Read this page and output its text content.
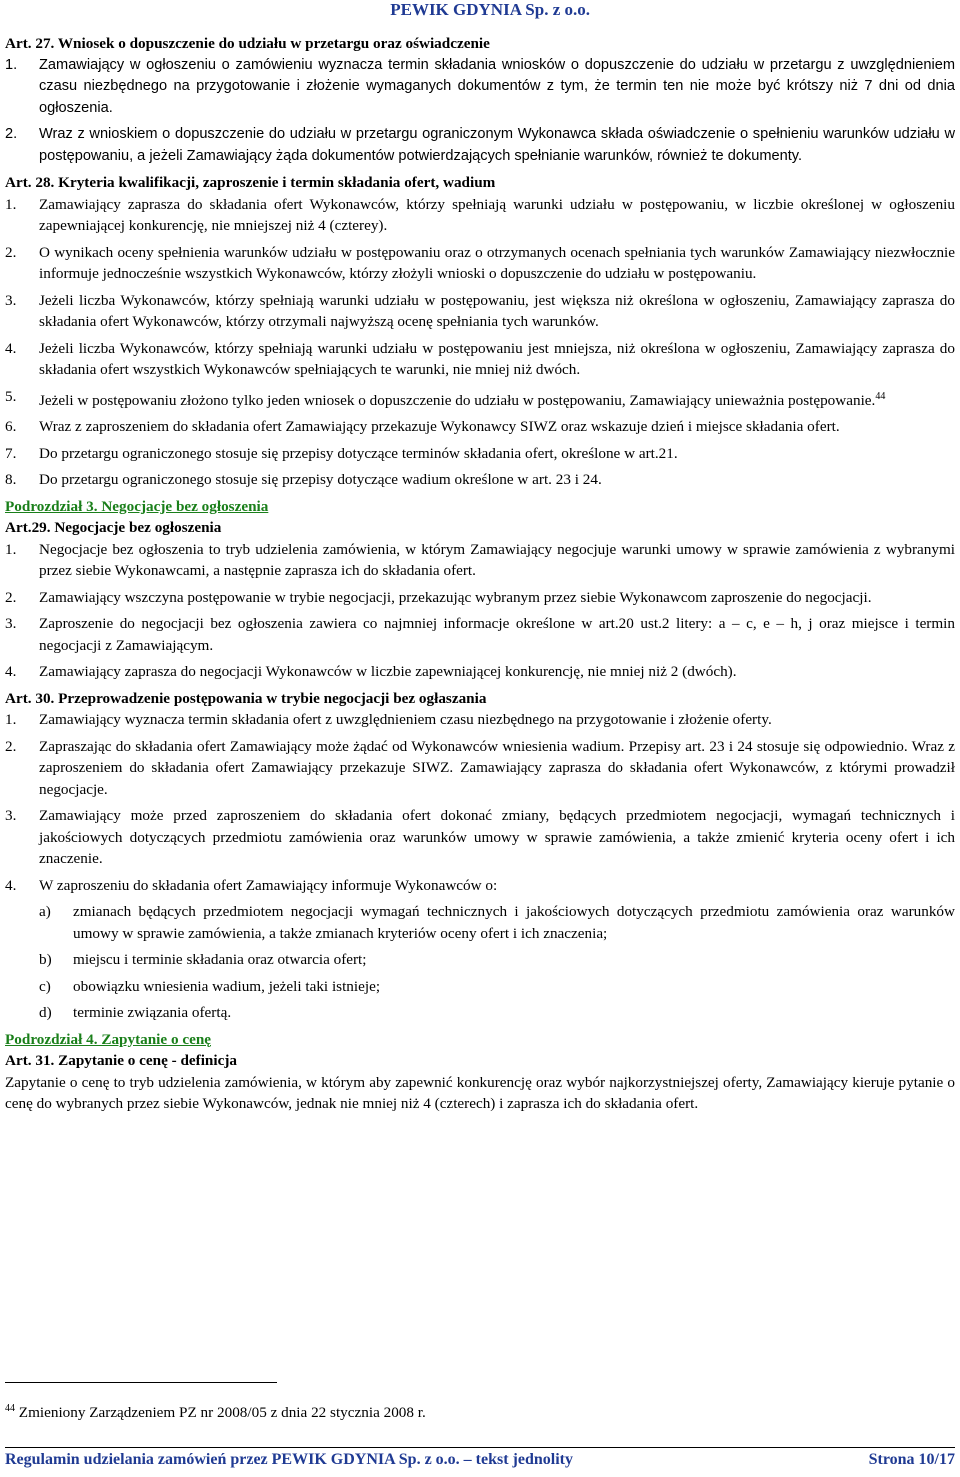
PEWIK GDYNIA Sp. z o.o.

Art. 27. Wniosek o dopuszczenie do udziału w przetargu oraz oświadczenie

1.	Zamawiający w ogłoszeniu o zamówieniu wyznacza termin składania wniosków o dopuszczenie do udziału w przetargu z uwzględnieniem czasu niezbędnego na przygotowanie i złożenie wymaganych dokumentów z tym, że termin ten nie może być krótszy niż 7 dni od dnia ogłoszenia.
2.	Wraz z wnioskiem o dopuszczenie do udziału w przetargu ograniczonym Wykonawca składa oświadczenie o spełnieniu warunków udziału w postępowaniu, a jeżeli Zamawiający żąda dokumentów potwierdzających spełnianie warunków, również te dokumenty.

Art. 28. Kryteria kwalifikacji, zaproszenie i termin składania ofert, wadium

1.	Zamawiający zaprasza do składania ofert Wykonawców, którzy spełniają warunki udziału w postępowaniu, w liczbie określonej w ogłoszeniu zapewniającej konkurencję, nie mniejszej niż 4 (czterey).
2.	O wynikach oceny spełnienia warunków udziału w postępowaniu oraz o otrzymanych ocenach spełniania tych warunków Zamawiający niezwłocznie informuje jednocześnie wszystkich Wykonawców, którzy złożyli wnioski o dopuszczenie do udziału w postępowaniu.
3.	Jeżeli liczba Wykonawców, którzy spełniają warunki udziału w postępowaniu, jest większa niż określona w ogłoszeniu, Zamawiający zaprasza do składania ofert Wykonawców, którzy otrzymali najwyższą ocenę spełniania tych warunków.
4.	Jeżeli liczba Wykonawców, którzy spełniają warunki udziału w postępowaniu jest mniejsza, niż określona w ogłoszeniu, Zamawiający zaprasza do składania ofert wszystkich Wykonawców spełniających te warunki, nie mniej niż dwóch.
5.	Jeżeli w postępowaniu złożono tylko jeden wniosek o dopuszczenie do udziału w postępowaniu, Zamawiający unieważnia postępowanie.$^{44}$
6.	Wraz z zaproszeniem do składania ofert Zamawiający przekazuje Wykonawcy SIWZ oraz wskazuje dzień i miejsce składania ofert.
7.	Do przetargu ograniczonego stosuje się przepisy dotyczące terminów składania ofert, określone w art.21.
8.	Do przetargu ograniczonego stosuje się przepisy dotyczące wadium określone w art. 23 i 24.

Podrozdział 3. Negocjacje bez ogłoszenia

Art.29. Negocjacje bez ogłoszenia

1.	Negocjacje bez ogłoszenia to tryb udzielenia zamówienia, w którym Zamawiający negocjuje warunki umowy w sprawie zamówienia z wybranymi przez siebie Wykonawcami, a następnie zaprasza ich do składania ofert.
2.	Zamawiający wszczyna postępowanie w trybie negocjacji, przekazując wybranym przez siebie Wykonawcom zaproszenie do negocjacji.
3.	Zaproszenie do negocjacji bez ogłoszenia zawiera co najmniej informacje określone w art.20 ust.2 litery: a – c, e – h, j oraz miejsce i termin negocjacji z Zamawiającym.
4.	Zamawiający zaprasza do negocjacji Wykonawców w liczbie zapewniającej konkurencję, nie mniej niż 2 (dwóch).

Art. 30. Przeprowadzenie postępowania w trybie negocjacji bez ogłaszania

1.	Zamawiający wyznacza termin składania ofert z uwzględnieniem czasu niezbędnego na przygotowanie i złożenie oferty.
2.	Zapraszając do składania ofert Zamawiający może żądać od Wykonawców wniesienia wadium. Przepisy art. 23 i 24 stosuje się odpowiednio. Wraz z zaproszeniem do składania ofert Zamawiający przekazuje SIWZ. Zamawiający zaprasza do składania ofert Wykonawców, z którymi prowadził negocjacje.
3.	Zamawiający może przed zaproszeniem do składania ofert dokonać zmiany, będących przedmiotem negocjacji, wymagań technicznych i jakościowych dotyczących przedmiotu zamówienia oraz warunków umowy w sprawie zamówienia, a także zmienić kryteria oceny ofert i ich znaczenie.
4.	W zaproszeniu do składania ofert Zamawiający informuje Wykonawców o:
a)	zmianach będących przedmiotem negocjacji wymagań technicznych i jakościowych dotyczących przedmiotu zamówienia oraz warunków umowy w sprawie zamówienia, a także zmianach kryteriów oceny ofert i ich znaczenia;
b)	miejscu i terminie składania oraz otwarcia ofert;
c)	obowiązku wniesienia wadium, jeżeli taki istnieje;
d)	terminie związania ofertą.

Podrozdział 4. Zapytanie o cenę

Art. 31. Zapytanie o cenę - definicja

Zapytanie o cenę to tryb udzielenia zamówienia, w którym aby zapewnić konkurencję oraz wybór najkorzystniejszej oferty, Zamawiający kieruje pytanie o cenę do wybranych przez siebie Wykonawców, jednak nie mniej niż 4 (czterech) i zaprasza ich do składania ofert.

$^{44}$ Zmieniony Zarządzeniem PZ nr 2008/05 z dnia 22 stycznia 2008 r.
Regulamin udzielania zamówień przez PEWIK GDYNIA Sp. z o.o. – tekst jednolity	Strona 10/17
